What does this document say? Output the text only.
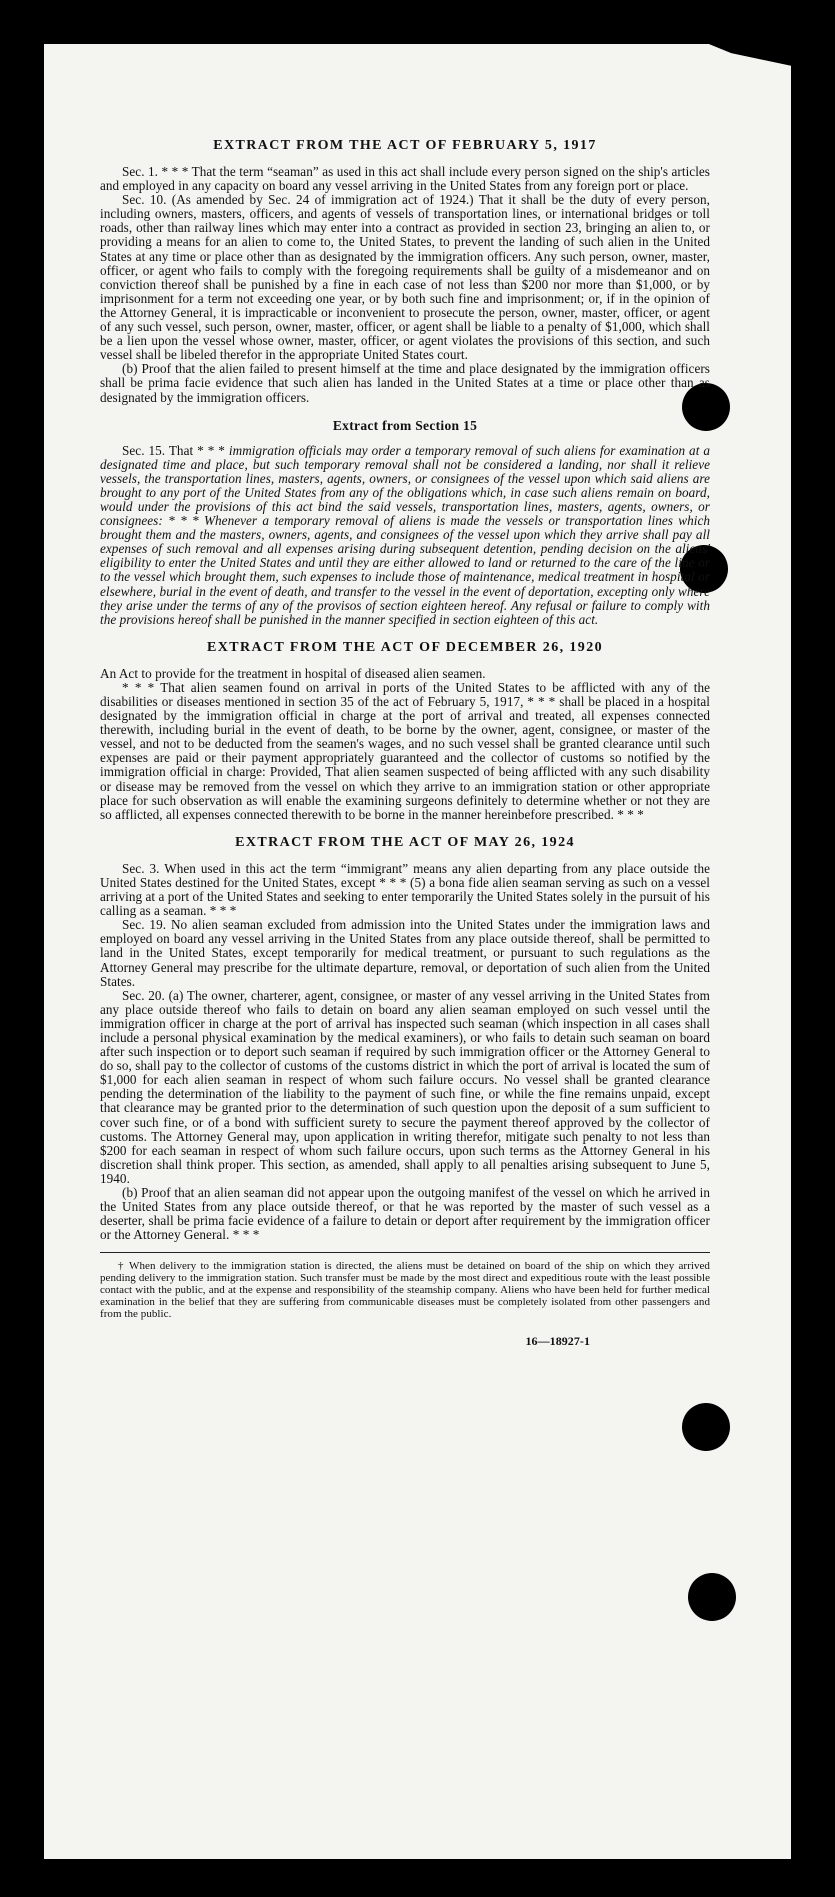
EXTRACT FROM THE ACT OF FEBRUARY 5, 1917

Sec. 1. * * * That the term “seaman” as used in this act shall include every person signed on the ship's articles and employed in any capacity on board any vessel arriving in the United States from any foreign port or place.

Sec. 10. (As amended by Sec. 24 of immigration act of 1924.) That it shall be the duty of every person, including owners, masters, officers, and agents of vessels of transportation lines, or international bridges or toll roads, other than railway lines which may enter into a contract as provided in section 23, bringing an alien to, or providing a means for an alien to come to, the United States, to prevent the landing of such alien in the United States at any time or place other than as designated by the immigration officers. Any such person, owner, master, officer, or agent who fails to comply with the foregoing requirements shall be guilty of a misdemeanor and on conviction thereof shall be punished by a fine in each case of not less than $200 nor more than $1,000, or by imprisonment for a term not exceeding one year, or by both such fine and imprisonment; or, if in the opinion of the Attorney General, it is impracticable or inconvenient to prosecute the person, owner, master, officer, or agent of any such vessel, such person, owner, master, officer, or agent shall be liable to a penalty of $1,000, which shall be a lien upon the vessel whose owner, master, officer, or agent violates the provisions of this section, and such vessel shall be libeled therefor in the appropriate United States court.

(b) Proof that the alien failed to present himself at the time and place designated by the immigration officers shall be prima facie evidence that such alien has landed in the United States at a time or place other than as designated by the immigration officers.

Extract from Section 15

Sec. 15. That * * * immigration officials may order a temporary removal of such aliens for examination at a designated time and place, but such temporary removal shall not be considered a landing, nor shall it relieve vessels, the transportation lines, masters, agents, owners, or consignees of the vessel upon which said aliens are brought to any port of the United States from any of the obligations which, in case such aliens remain on board, would under the provisions of this act bind the said vessels, transportation lines, masters, agents, owners, or consignees: * * * Whenever a temporary removal of aliens is made the vessels or transportation lines which brought them and the masters, owners, agents, and consignees of the vessel upon which they arrive shall pay all expenses of such removal and all expenses arising during subsequent detention, pending decision on the aliens' eligibility to enter the United States and until they are either allowed to land or returned to the care of the line or to the vessel which brought them, such expenses to include those of maintenance, medical treatment in hospital or elsewhere, burial in the event of death, and transfer to the vessel in the event of deportation, excepting only where they arise under the terms of any of the provisos of section eighteen hereof. Any refusal or failure to comply with the provisions hereof shall be punished in the manner specified in section eighteen of this act.

EXTRACT FROM THE ACT OF DECEMBER 26, 1920

An Act to provide for the treatment in hospital of diseased alien seamen.

* * * That alien seamen found on arrival in ports of the United States to be afflicted with any of the disabilities or diseases mentioned in section 35 of the act of February 5, 1917, * * * shall be placed in a hospital designated by the immigration official in charge at the port of arrival and treated, all expenses connected therewith, including burial in the event of death, to be borne by the owner, agent, consignee, or master of the vessel, and not to be deducted from the seamen's wages, and no such vessel shall be granted clearance until such expenses are paid or their payment appropriately guaranteed and the collector of customs so notified by the immigration official in charge: Provided, That alien seamen suspected of being afflicted with any such disability or disease may be removed from the vessel on which they arrive to an immigration station or other appropriate place for such observation as will enable the examining surgeons definitely to determine whether or not they are so afflicted, all expenses connected therewith to be borne in the manner hereinbefore prescribed. * * *

EXTRACT FROM THE ACT OF MAY 26, 1924

Sec. 3. When used in this act the term “immigrant” means any alien departing from any place outside the United States destined for the United States, except * * * (5) a bona fide alien seaman serving as such on a vessel arriving at a port of the United States and seeking to enter temporarily the United States solely in the pursuit of his calling as a seaman. * * *

Sec. 19. No alien seaman excluded from admission into the United States under the immigration laws and employed on board any vessel arriving in the United States from any place outside thereof, shall be permitted to land in the United States, except temporarily for medical treatment, or pursuant to such regulations as the Attorney General may prescribe for the ultimate departure, removal, or deportation of such alien from the United States.

Sec. 20. (a) The owner, charterer, agent, consignee, or master of any vessel arriving in the United States from any place outside thereof who fails to detain on board any alien seaman employed on such vessel until the immigration officer in charge at the port of arrival has inspected such seaman (which inspection in all cases shall include a personal physical examination by the medical examiners), or who fails to detain such seaman on board after such inspection or to deport such seaman if required by such immigration officer or the Attorney General to do so, shall pay to the collector of customs of the customs district in which the port of arrival is located the sum of $1,000 for each alien seaman in respect of whom such failure occurs. No vessel shall be granted clearance pending the determination of the liability to the payment of such fine, or while the fine remains unpaid, except that clearance may be granted prior to the determination of such question upon the deposit of a sum sufficient to cover such fine, or of a bond with sufficient surety to secure the payment thereof approved by the collector of customs. The Attorney General may, upon application in writing therefor, mitigate such penalty to not less than $200 for each seaman in respect of whom such failure occurs, upon such terms as the Attorney General in his discretion shall think proper. This section, as amended, shall apply to all penalties arising subsequent to June 5, 1940.

(b) Proof that an alien seaman did not appear upon the outgoing manifest of the vessel on which he arrived in the United States from any place outside thereof, or that he was reported by the master of such vessel as a deserter, shall be prima facie evidence of a failure to detain or deport after requirement by the immigration officer or the Attorney General. * * *

† When delivery to the immigration station is directed, the aliens must be detained on board of the ship on which they arrived pending delivery to the immigration station. Such transfer must be made by the most direct and expeditious route with the least possible contact with the public, and at the expense and responsibility of the steamship company. Aliens who have been held for further medical examination in the belief that they are suffering from communicable diseases must be completely isolated from other passengers and from the public.

16—18927-1
